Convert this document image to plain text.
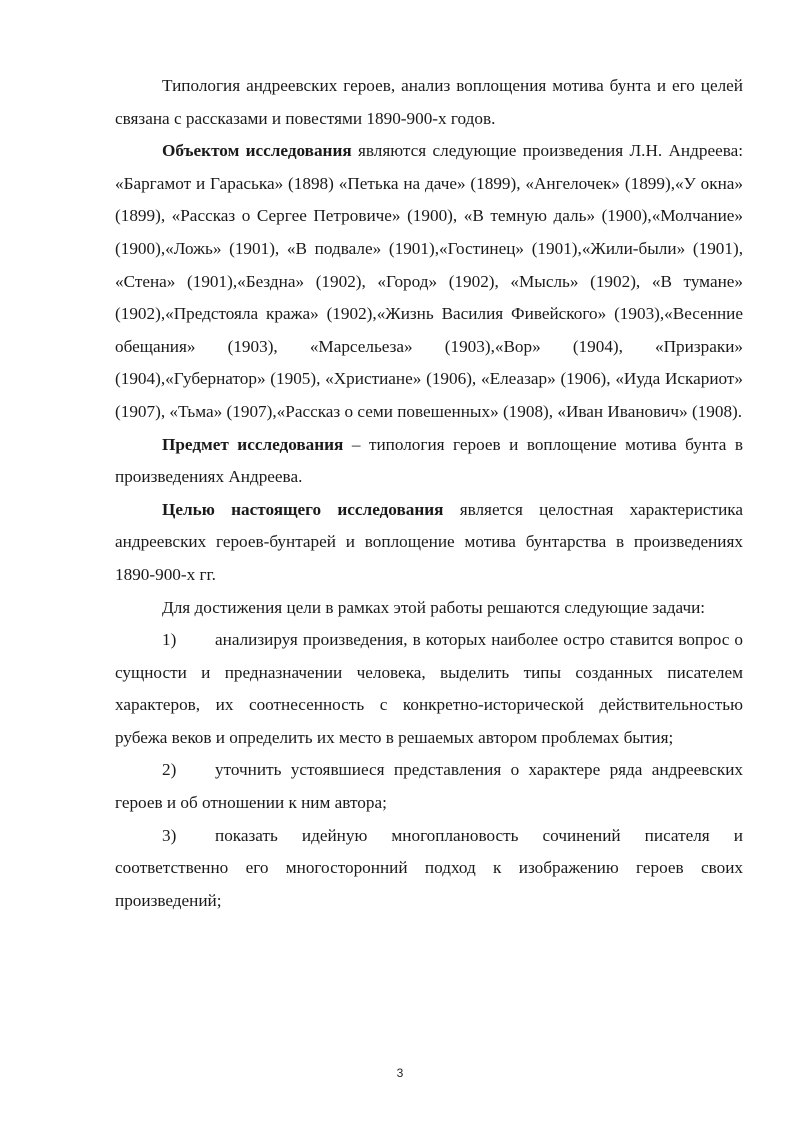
Типология андреевских героев, анализ воплощения мотива бунта и его целей связана с рассказами и повестями 1890-900-х годов.

Объектом исследования являются следующие произведения Л.Н. Андреева: «Баргамот и Гараська» (1898) «Петька на даче» (1899), «Ангелочек» (1899),«У окна» (1899), «Рассказ о Сергее Петровиче» (1900), «В темную даль» (1900),«Молчание» (1900),«Ложь» (1901), «В подвале» (1901),«Гостинец» (1901),«Жили-были» (1901), «Стена» (1901),«Бездна» (1902), «Город» (1902), «Мысль» (1902), «В тумане» (1902),«Предстояла кража» (1902),«Жизнь Василия Фивейского» (1903),«Весенние обещания» (1903), «Марсельеза» (1903),«Вор» (1904), «Призраки» (1904),«Губернатор» (1905), «Христиане» (1906), «Елеазар» (1906), «Иуда Искариот» (1907), «Тьма» (1907),«Рассказ о семи повешенных» (1908), «Иван Иванович» (1908).

Предмет исследования – типология героев и воплощение мотива бунта в произведениях Андреева.

Целью настоящего исследования является целостная характеристика андреевских героев-бунтарей и воплощение мотива бунтарства в произведениях 1890-900-х гг.

Для достижения цели в рамках этой работы решаются следующие задачи:

1) анализируя произведения, в которых наиболее остро ставится вопрос о сущности и предназначении человека, выделить типы созданных писателем характеров, их соотнесенность с конкретно-исторической действительностью рубежа веков и определить их место в решаемых автором проблемах бытия;

2) уточнить устоявшиеся представления о характере ряда андреевских героев и об отношении к ним автора;

3) показать идейную многоплановость сочинений писателя и соответственно его многосторонний подход к изображению героев своих произведений;

3
